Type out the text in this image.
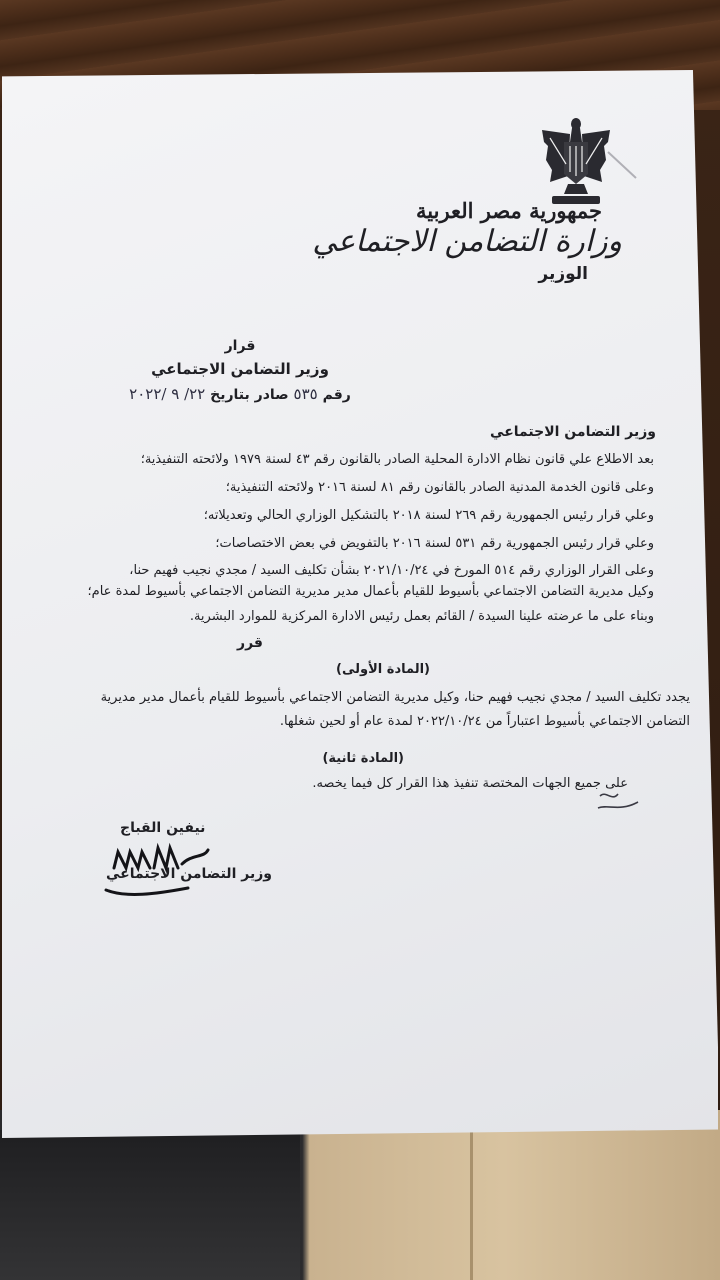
جمهورية مصر العربية
وزارة التضامن الاجتماعي
الوزير
قرار
وزير التضامن الاجتماعي
رقم ٥٣٥ صادر بتاريخ ٢٢/ ٩ /٢٠٢٢
وزير التضامن الاجتماعي
بعد الاطلاع علي قانون نظام الادارة المحلية الصادر بالقانون رقم ٤٣ لسنة ١٩٧٩ ولائحته التنفيذية؛
وعلى قانون الخدمة المدنية الصادر بالقانون رقم ٨١ لسنة ٢٠١٦ ولائحته التنفيذية؛
وعلي قرار رئيس الجمهورية رقم ٢٦٩ لسنة ٢٠١٨ بالتشكيل الوزاري الحالي وتعديلاته؛
وعلي قرار رئيس الجمهورية رقم ٥٣١ لسنة ٢٠١٦ بالتفويض في بعض الاختصاصات؛
وعلى القرار الوزاري رقم ٥١٤ المورخ في ٢٠٢١/١٠/٢٤ بشأن تكليف السيد / مجدي نجيب فهيم حنا،
وكيل مديرية التضامن الاجتماعي بأسيوط للقيام بأعمال مدير مديرية التضامن الاجتماعي بأسيوط لمدة عام؛
وبناء على ما عرضته علينا السيدة / القائم بعمل رئيس الادارة المركزية للموارد البشرية.
قرر
(المادة الأولى)
يجدد تكليف السيد / مجدي نجيب فهيم حنا، وكيل مديرية التضامن الاجتماعي بأسيوط للقيام بأعمال مدير مديرية
التضامن الاجتماعي بأسيوط اعتباراً من ٢٠٢٢/١٠/٢٤ لمدة عام أو لحين شغلها.
(المادة ثانية)
على جميع الجهات المختصة تنفيذ هذا القرار كل فيما يخصه.
نيفين القباج
وزير التضامن الاجتماعي
